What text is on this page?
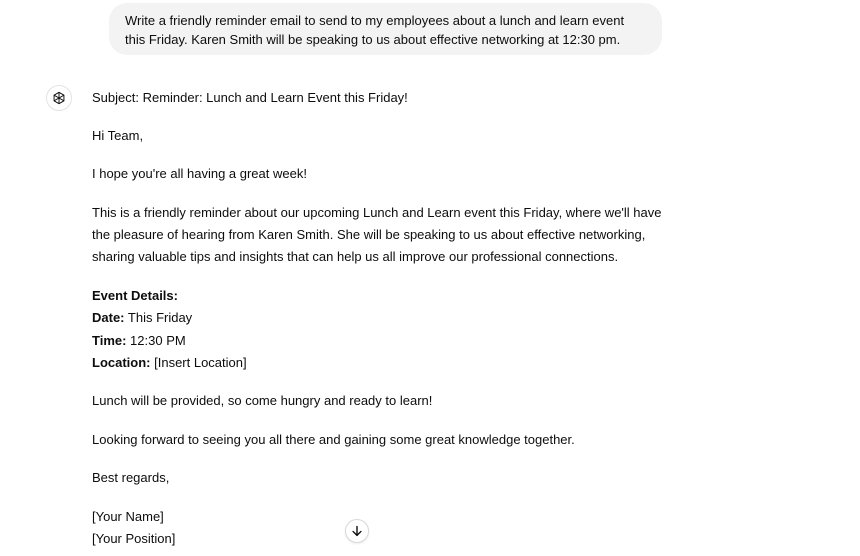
Write a friendly reminder email to send to my employees about a lunch and learn event this Friday. Karen Smith will be speaking to us about effective networking at 12:30 pm.

Subject: Reminder: Lunch and Learn Event this Friday!

Hi Team,

I hope you're all having a great week!

This is a friendly reminder about our upcoming Lunch and Learn event this Friday, where we'll have the pleasure of hearing from Karen Smith. She will be speaking to us about effective networking, sharing valuable tips and insights that can help us all improve our professional connections.

Event Details:

Date: This Friday

Time: 12:30 PM

Location: [Insert Location]

Lunch will be provided, so come hungry and ready to learn!

Looking forward to seeing you all there and gaining some great knowledge together.

Best regards,

[Your Name]

[Your Position]
